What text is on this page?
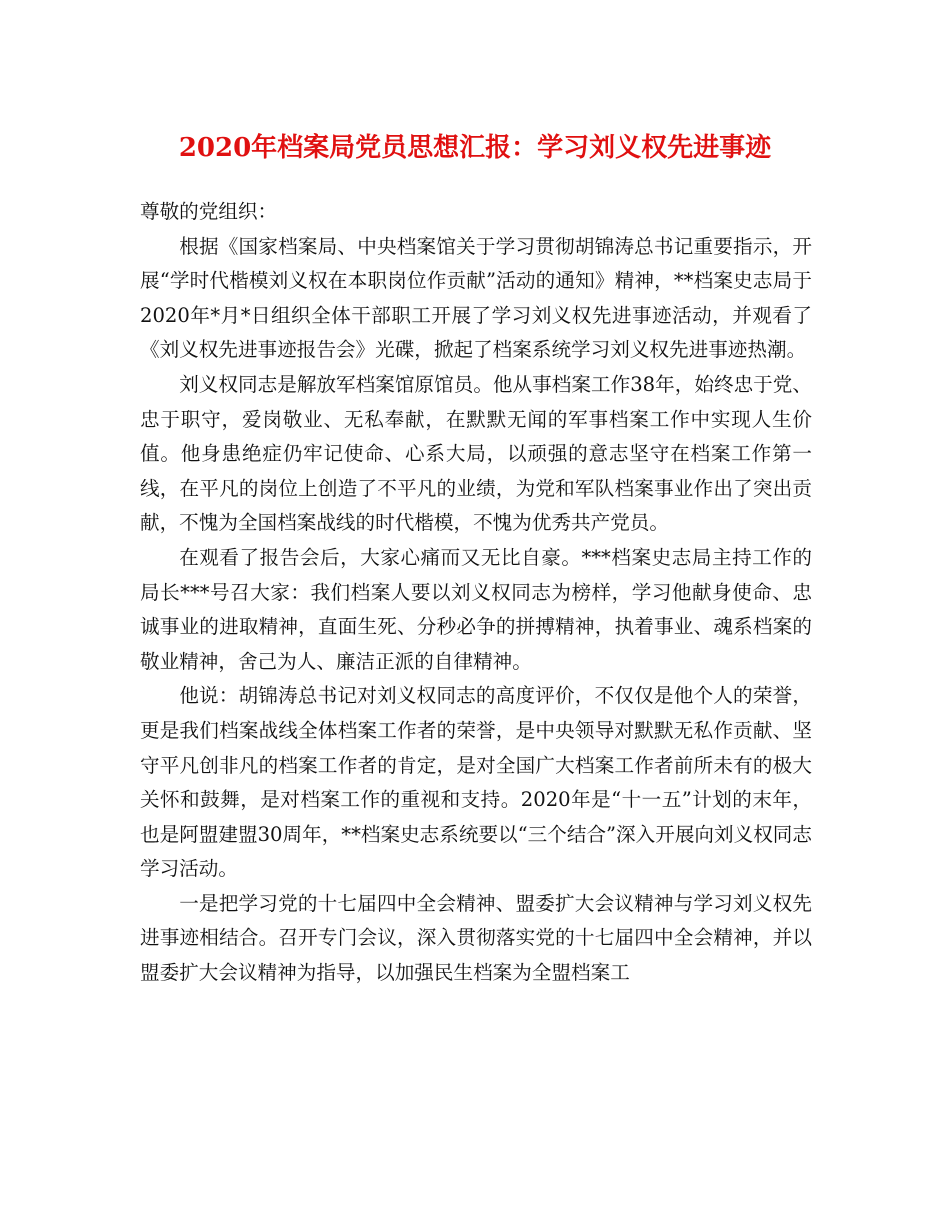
2020年档案局党员思想汇报：学习刘义权先进事迹

尊敬的党组织：

根据《国家档案局、中央档案馆关于学习贯彻胡锦涛总书记重要指示，开展“学时代楷模刘义权在本职岗位作贡献”活动的通知》精神，**档案史志局于2020年*月*日组织全体干部职工开展了学习刘义权先进事迹活动，并观看了《刘义权先进事迹报告会》光碟，掀起了档案系统学习刘义权先进事迹热潮。

刘义权同志是解放军档案馆原馆员。他从事档案工作38年，始终忠于党、忠于职守，爱岗敬业、无私奉献，在默默无闻的军事档案工作中实现人生价值。他身患绝症仍牢记使命、心系大局，以顽强的意志坚守在档案工作第一线，在平凡的岗位上创造了不平凡的业绩，为党和军队档案事业作出了突出贡献，不愧为全国档案战线的时代楷模，不愧为优秀共产党员。

在观看了报告会后，大家心痛而又无比自豪。***档案史志局主持工作的局长***号召大家：我们档案人要以刘义权同志为榜样，学习他献身使命、忠诚事业的进取精神，直面生死、分秒必争的拼搏精神，执着事业、魂系档案的敬业精神，舍己为人、廉洁正派的自律精神。

他说：胡锦涛总书记对刘义权同志的高度评价，不仅仅是他个人的荣誉，更是我们档案战线全体档案工作者的荣誉，是中央领导对默默无私作贡献、坚守平凡创非凡的档案工作者的肯定，是对全国广大档案工作者前所未有的极大关怀和鼓舞，是对档案工作的重视和支持。2020年是“十一五”计划的末年，也是阿盟建盟30周年，**档案史志系统要以“三个结合”深入开展向刘义权同志学习活动。

一是把学习党的十七届四中全会精神、盟委扩大会议精神与学习刘义权先进事迹相结合。召开专门会议，深入贯彻落实党的十七届四中全会精神，并以盟委扩大会议精神为指导，以加强民生档案为全盟档案工
